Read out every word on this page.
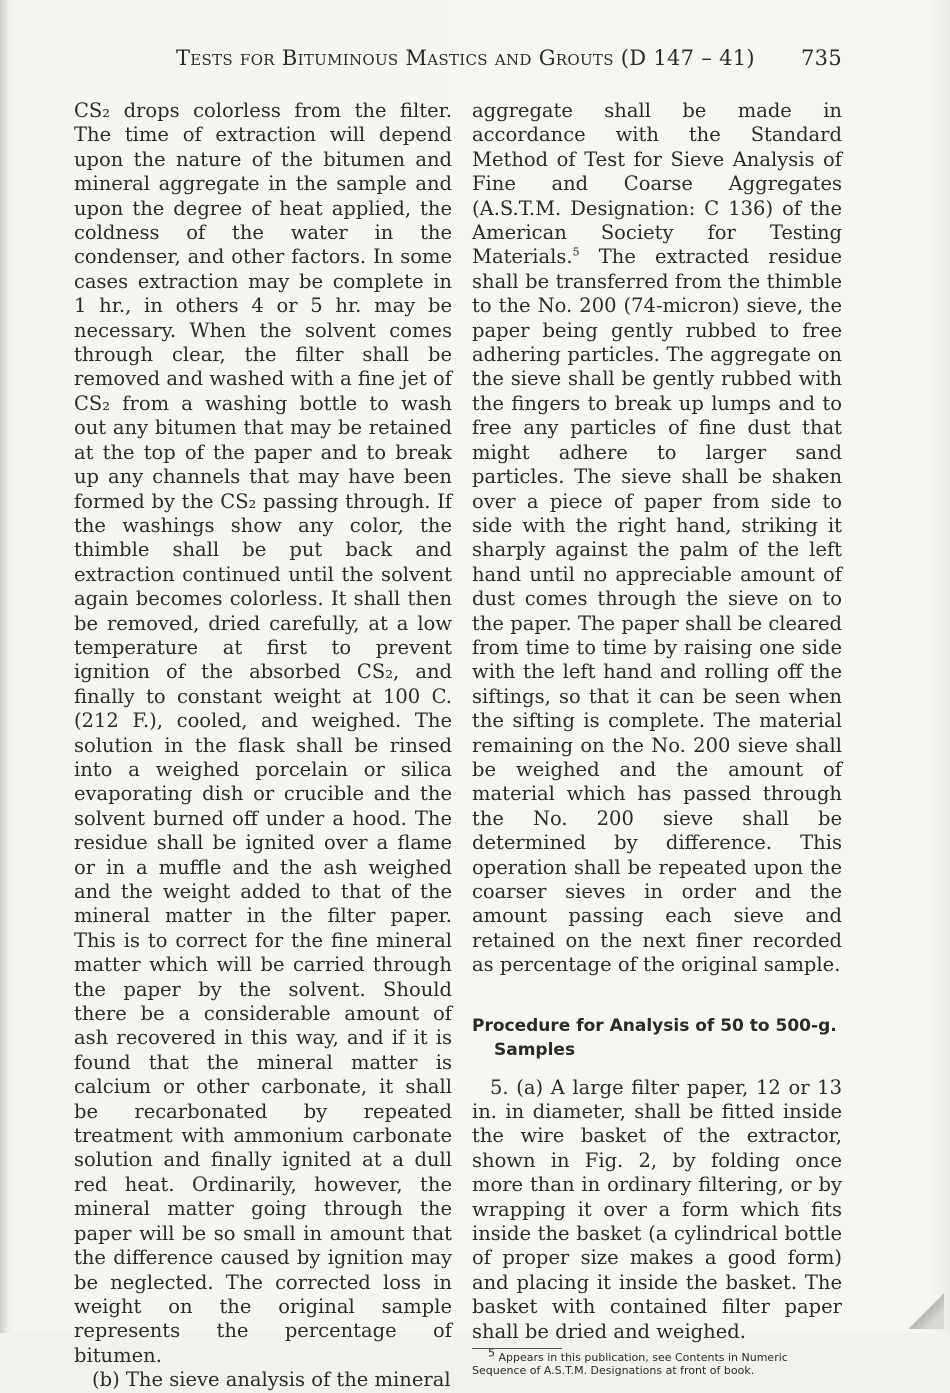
Tests for Bituminous Mastics and Grouts (D 147 – 41) 735

CS₂ drops colorless from the filter. The time of extraction will depend upon the nature of the bitumen and mineral aggregate in the sample and upon the degree of heat applied, the coldness of the water in the condenser, and other factors. In some cases extraction may be complete in 1 hr., in others 4 or 5 hr. may be necessary. When the solvent comes through clear, the filter shall be removed and washed with a fine jet of CS₂ from a washing bottle to wash out any bitumen that may be retained at the top of the paper and to break up any channels that may have been formed by the CS₂ passing through. If the washings show any color, the thimble shall be put back and extraction continued until the solvent again becomes colorless. It shall then be removed, dried carefully, at a low temperature at first to prevent ignition of the absorbed CS₂, and finally to constant weight at 100 C. (212 F.), cooled, and weighed. The solution in the flask shall be rinsed into a weighed porcelain or silica evaporating dish or crucible and the solvent burned off under a hood. The residue shall be ignited over a flame or in a muffle and the ash weighed and the weight added to that of the mineral matter in the filter paper. This is to correct for the fine mineral matter which will be carried through the paper by the solvent. Should there be a considerable amount of ash recovered in this way, and if it is found that the mineral matter is calcium or other carbonate, it shall be recarbonated by repeated treatment with ammonium carbonate solution and finally ignited at a dull red heat. Ordinarily, however, the mineral matter going through the paper will be so small in amount that the difference caused by ignition may be neglected. The corrected loss in weight on the original sample represents the percentage of bitumen.

(b) The sieve analysis of the mineral

aggregate shall be made in accordance with the Standard Method of Test for Sieve Analysis of Fine and Coarse Aggregates (A.S.T.M. Designation: C 136) of the American Society for Testing Materials.$^5$ The extracted residue shall be transferred from the thimble to the No. 200 (74-micron) sieve, the paper being gently rubbed to free adhering particles. The aggregate on the sieve shall be gently rubbed with the fingers to break up lumps and to free any particles of fine dust that might adhere to larger sand particles. The sieve shall be shaken over a piece of paper from side to side with the right hand, striking it sharply against the palm of the left hand until no appreciable amount of dust comes through the sieve on to the paper. The paper shall be cleared from time to time by raising one side with the left hand and rolling off the siftings, so that it can be seen when the sifting is complete. The material remaining on the No. 200 sieve shall be weighed and the amount of material which has passed through the No. 200 sieve shall be determined by difference. This operation shall be repeated upon the coarser sieves in order and the amount passing each sieve and retained on the next finer recorded as percentage of the original sample.

Procedure for Analysis of 50 to 500-g. Samples

5. (a) A large filter paper, 12 or 13 in. in diameter, shall be fitted inside the wire basket of the extractor, shown in Fig. 2, by folding once more than in ordinary filtering, or by wrapping it over a form which fits inside the basket (a cylindrical bottle of proper size makes a good form) and placing it inside the basket. The basket with contained filter paper shall be dried and weighed.

$^5$ Appears in this publication, see Contents in Numeric Sequence of A.S.T.M. Designations at front of book.
